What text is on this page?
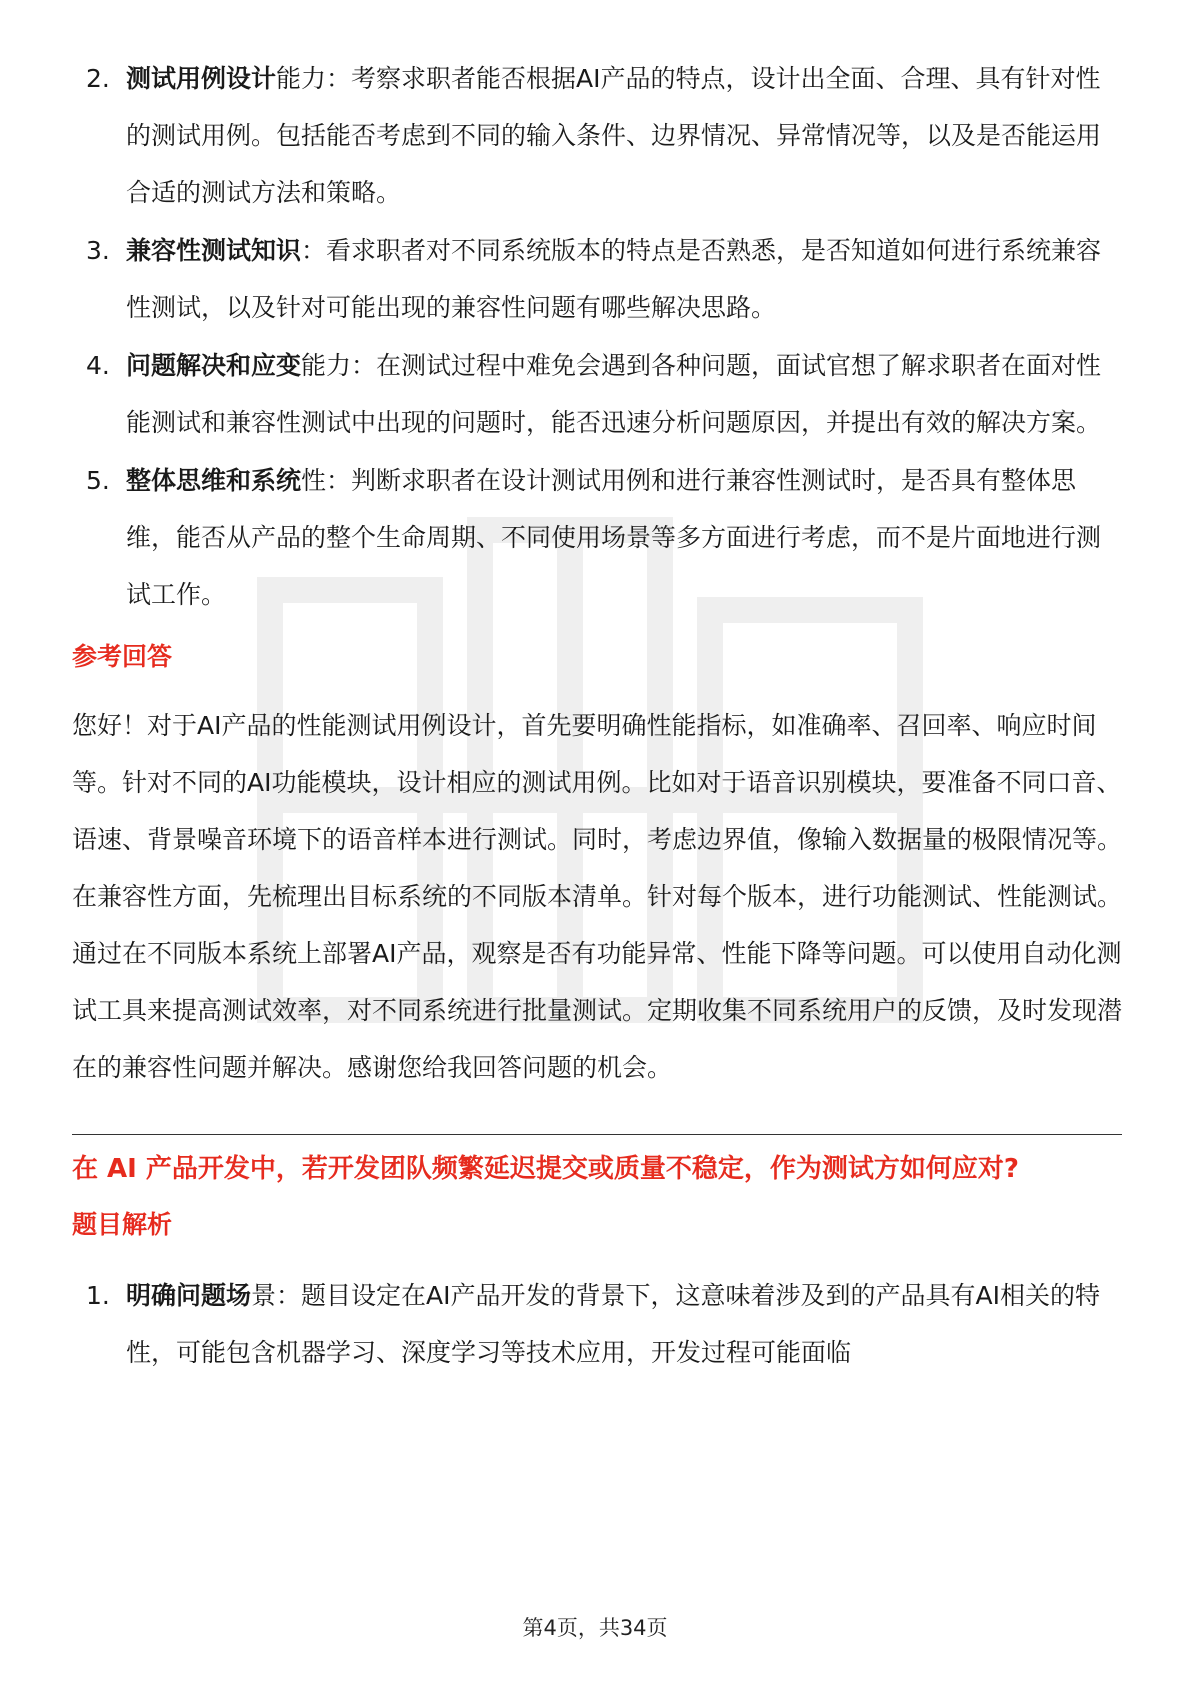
2. 测试用例设计能力：考察求职者能否根据AI产品的特点，设计出全面、合理、具有针对性的测试用例。包括能否考虑到不同的输入条件、边界情况、异常情况等，以及是否能运用合适的测试方法和策略。
3. 兼容性测试知识：看求职者对不同系统版本的特点是否熟悉，是否知道如何进行系统兼容性测试，以及针对可能出现的兼容性问题有哪些解决思路。
4. 问题解决和应变能力：在测试过程中难免会遇到各种问题，面试官想了解求职者在面对性能测试和兼容性测试中出现的问题时，能否迅速分析问题原因，并提出有效的解决方案。
5. 整体思维和系统性：判断求职者在设计测试用例和进行兼容性测试时，是否具有整体思维，能否从产品的整个生命周期、不同使用场景等多方面进行考虑，而不是片面地进行测试工作。
参考回答

您好！对于AI产品的性能测试用例设计，首先要明确性能指标，如准确率、召回率、响应时间等。针对不同的AI功能模块，设计相应的测试用例。比如对于语音识别模块，要准备不同口音、语速、背景噪音环境下的语音样本进行测试。同时，考虑边界值，像输入数据量的极限情况等。在兼容性方面，先梳理出目标系统的不同版本清单。针对每个版本，进行功能测试、性能测试。通过在不同版本系统上部署AI产品，观察是否有功能异常、性能下降等问题。可以使用自动化测试工具来提高测试效率，对不同系统进行批量测试。定期收集不同系统用户的反馈，及时发现潜在的兼容性问题并解决。感谢您给我回答问题的机会。

在 AI 产品开发中，若开发团队频繁延迟提交或质量不稳定，作为测试方如何应对?
题目解析
1. 明确问题场景：题目设定在AI产品开发的背景下，这意味着涉及到的产品具有AI相关的特性，可能包含机器学习、深度学习等技术应用，开发过程可能面临
第4页，共34页
